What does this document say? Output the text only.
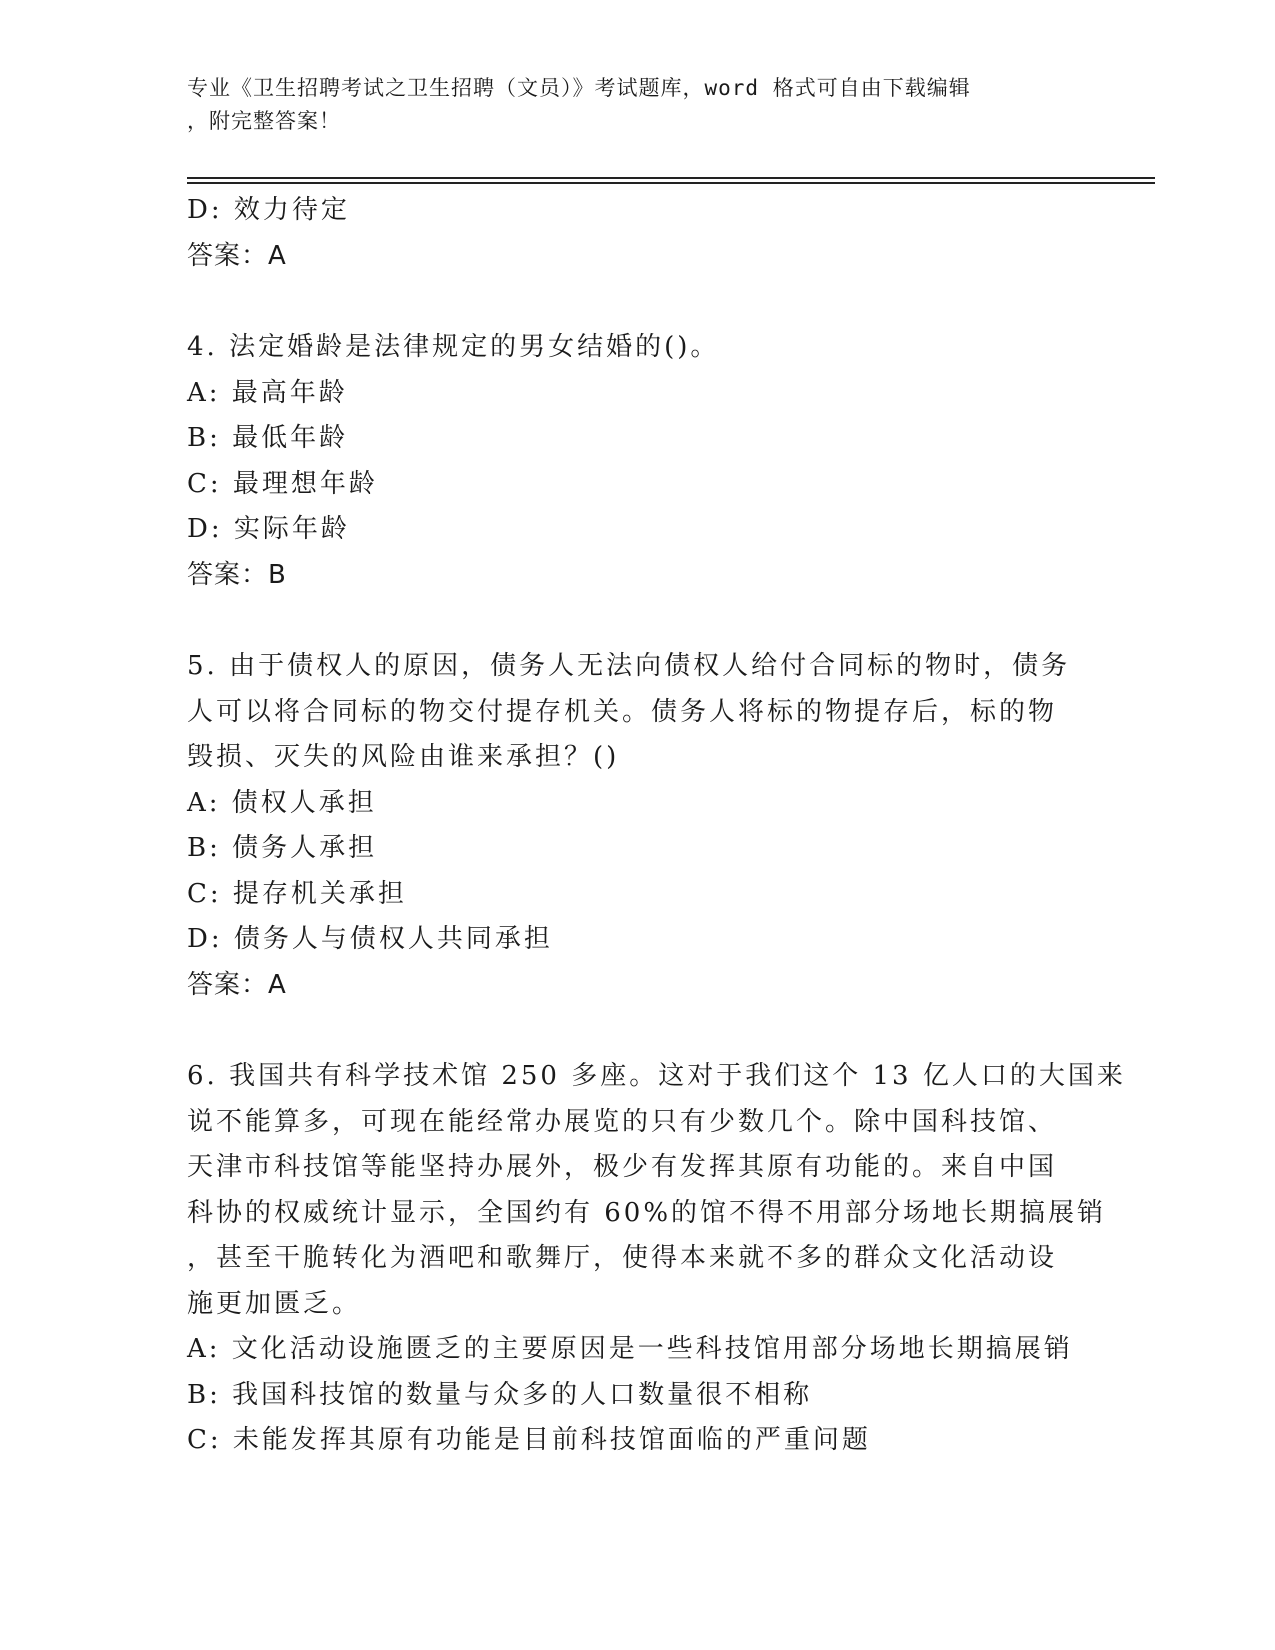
专业《卫生招聘考试之卫生招聘（文员）》考试题库，word 格式可自由下载编辑
，附完整答案！
D: 效力待定
答案：A
4. 法定婚龄是法律规定的男女结婚的()。
A: 最高年龄
B: 最低年龄
C: 最理想年龄
D: 实际年龄
答案：B
5. 由于债权人的原因，债务人无法向债权人给付合同标的物时，债务
人可以将合同标的物交付提存机关。债务人将标的物提存后，标的物
毁损、灭失的风险由谁来承担？()
A: 债权人承担
B: 债务人承担
C: 提存机关承担
D: 债务人与债权人共同承担
答案：A
6. 我国共有科学技术馆 250 多座。这对于我们这个 13 亿人口的大国来
说不能算多，可现在能经常办展览的只有少数几个。除中国科技馆、
天津市科技馆等能坚持办展外，极少有发挥其原有功能的。来自中国
科协的权威统计显示，全国约有 60%的馆不得不用部分场地长期搞展销
，甚至干脆转化为酒吧和歌舞厅，使得本来就不多的群众文化活动设
施更加匮乏。
A: 文化活动设施匮乏的主要原因是一些科技馆用部分场地长期搞展销
B: 我国科技馆的数量与众多的人口数量很不相称
C: 未能发挥其原有功能是目前科技馆面临的严重问题
